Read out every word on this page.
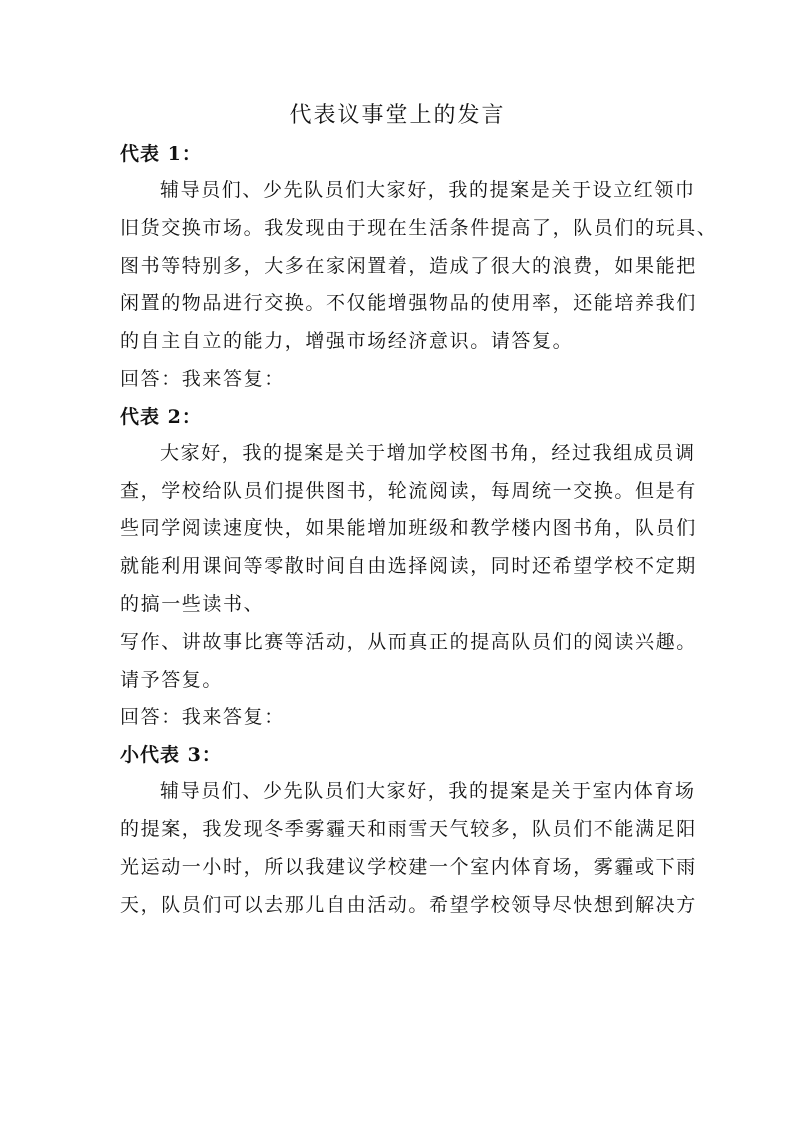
代表议事堂上的发言

代表 1：

辅导员们、少先队员们大家好，我的提案是关于设立红领巾
旧货交换市场。我发现由于现在生活条件提高了，队员们的玩具、
图书等特别多，大多在家闲置着，造成了很大的浪费，如果能把
闲置的物品进行交换。不仅能增强物品的使用率，还能培养我们
的自主自立的能力，增强市场经济意识。请答复。

回答：我来答复：

代表 2：

大家好，我的提案是关于增加学校图书角，经过我组成员调
查，学校给队员们提供图书，轮流阅读，每周统一交换。但是有
些同学阅读速度快，如果能增加班级和教学楼内图书角，队员们
就能利用课间等零散时间自由选择阅读，同时还希望学校不定期
的搞一些读书、
写作、讲故事比赛等活动，从而真正的提高队员们的阅读兴趣。
请予答复。

回答：我来答复：

小代表 3：

辅导员们、少先队员们大家好，我的提案是关于室内体育场
的提案，我发现冬季雾霾天和雨雪天气较多，队员们不能满足阳
光运动一小时，所以我建议学校建一个室内体育场，雾霾或下雨
天，队员们可以去那儿自由活动。希望学校领导尽快想到解决方
